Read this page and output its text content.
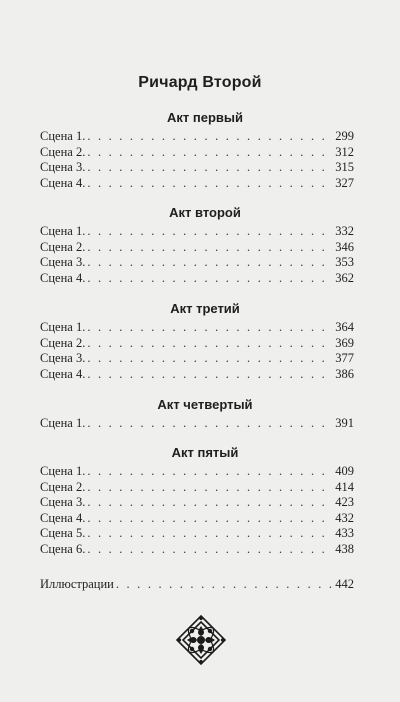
Ричард Второй
Акт первый
Сцена 1. . . .	299
Сцена 2. . . .	312
Сцена 3. . . .	315
Сцена 4. . . .	327
Акт второй
Сцена 1. . . .	332
Сцена 2. . . .	346
Сцена 3. . . .	353
Сцена 4. . . .	362
Акт третий
Сцена 1. . . .	364
Сцена 2. . . .	369
Сцена 3. . . .	377
Сцена 4. . . .	386
Акт четвертый
Сцена 1. . . .	391
Акт пятый
Сцена 1. . . .	409
Сцена 2. . . .	414
Сцена 3. . . .	423
Сцена 4. . . .	432
Сцена 5. . . .	433
Сцена 6. . . .	438
Иллюстрации . . .	442
